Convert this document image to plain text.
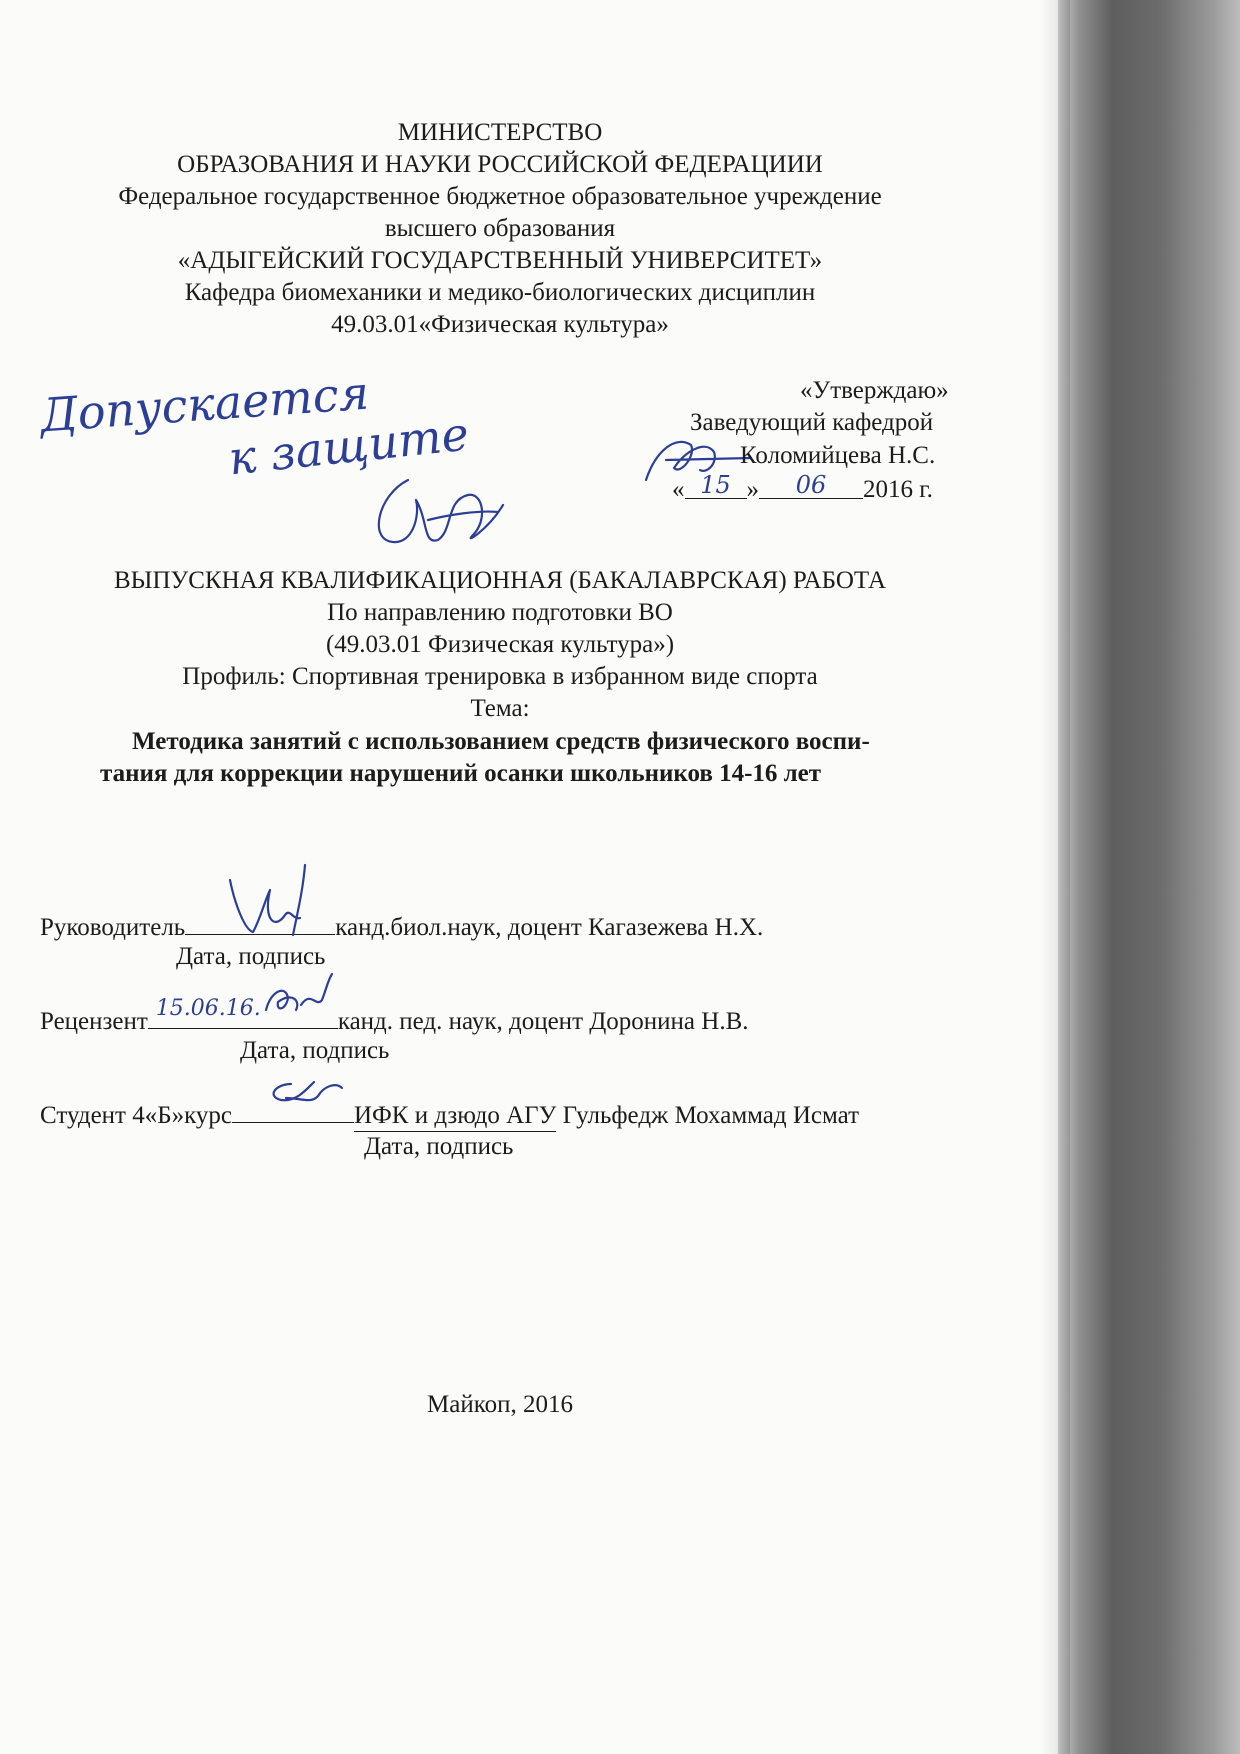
МИНИСТЕРСТВО
ОБРАЗОВАНИЯ И НАУКИ РОССИЙСКОЙ ФЕДЕРАЦИИИ
Федеральное государственное бюджетное образовательное учреждение
высшего образования
«АДЫГЕЙСКИЙ ГОСУДАРСТВЕННЫЙ УНИВЕРСИТЕТ»
Кафедра биомеханики и медико-биологических дисциплин
49.03.01«Физическая культура»
Допускается
к защите
«Утверждаю»
Заведующий кафедрой
Коломийцева Н.С.
« 15 » 06 2016 г.
ВЫПУСКНАЯ КВАЛИФИКАЦИОННАЯ (БАКАЛАВРСКАЯ) РАБОТА
По направлению подготовки ВО
(49.03.01 Физическая культура»)
Профиль: Спортивная тренировка в избранном виде спорта
Тема:
Методика занятий с использованием средств физического воспи-
тания для коррекции нарушений осанки школьников 14-16 лет
Руководитель	канд.биол.наук, доцент Кагазежева Н.Х.
Дата, подпись
Рецензент 15.06.16.	канд. пед. наук, доцент Доронина Н.В.
Дата, подпись
Студент 4«Б»курс	ИФК и дзюдо АГУ Гульфедж Мохаммад Исмат
Дата, подпись
Майкоп, 2016
